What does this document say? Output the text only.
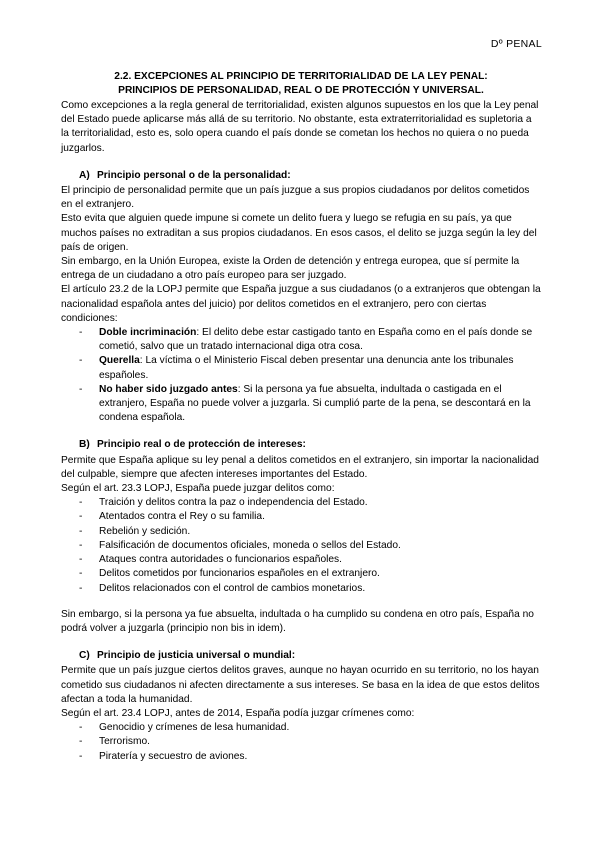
Dº PENAL

2.2. EXCEPCIONES AL PRINCIPIO DE TERRITORIALIDAD DE LA LEY PENAL:
PRINCIPIOS DE PERSONALIDAD, REAL O DE PROTECCIÓN Y UNIVERSAL.

Como excepciones a la regla general de territorialidad, existen algunos supuestos en los que la Ley penal del Estado puede aplicarse más allá de su territorio. No obstante, esta extraterritorialidad es supletoria a la territorialidad, esto es, solo opera cuando el país donde se cometan los hechos no quiera o no pueda juzgarlos.

A) Principio personal o de la personalidad:

El principio de personalidad permite que un país juzgue a sus propios ciudadanos por delitos cometidos en el extranjero.

Esto evita que alguien quede impune si comete un delito fuera y luego se refugia en su país, ya que muchos países no extraditan a sus propios ciudadanos. En esos casos, el delito se juzga según la ley del país de origen.

Sin embargo, en la Unión Europea, existe la Orden de detención y entrega europea, que sí permite la entrega de un ciudadano a otro país europeo para ser juzgado.

El artículo 23.2 de la LOPJ permite que España juzgue a sus ciudadanos (o a extranjeros que obtengan la nacionalidad española antes del juicio) por delitos cometidos en el extranjero, pero con ciertas condiciones:

- Doble incriminación: El delito debe estar castigado tanto en España como en el país donde se cometió, salvo que un tratado internacional diga otra cosa.
- Querella: La víctima o el Ministerio Fiscal deben presentar una denuncia ante los tribunales españoles.
- No haber sido juzgado antes: Si la persona ya fue absuelta, indultada o castigada en el extranjero, España no puede volver a juzgarla. Si cumplió parte de la pena, se descontará en la condena española.
B) Principio real o de protección de intereses:

Permite que España aplique su ley penal a delitos cometidos en el extranjero, sin importar la nacionalidad del culpable, siempre que afecten intereses importantes del Estado.

Según el art. 23.3 LOPJ, España puede juzgar delitos como:

- Traición y delitos contra la paz o independencia del Estado.
- Atentados contra el Rey o su familia.
- Rebelión y sedición.
- Falsificación de documentos oficiales, moneda o sellos del Estado.
- Ataques contra autoridades o funcionarios españoles.
- Delitos cometidos por funcionarios españoles en el extranjero.
- Delitos relacionados con el control de cambios monetarios.

Sin embargo, si la persona ya fue absuelta, indultada o ha cumplido su condena en otro país, España no podrá volver a juzgarla (principio non bis in idem).

C) Principio de justicia universal o mundial:

Permite que un país juzgue ciertos delitos graves, aunque no hayan ocurrido en su territorio, no los hayan cometido sus ciudadanos ni afecten directamente a sus intereses. Se basa en la idea de que estos delitos afectan a toda la humanidad.

Según el art. 23.4 LOPJ, antes de 2014, España podía juzgar crímenes como:

- Genocidio y crímenes de lesa humanidad.
- Terrorismo.
- Piratería y secuestro de aviones.
